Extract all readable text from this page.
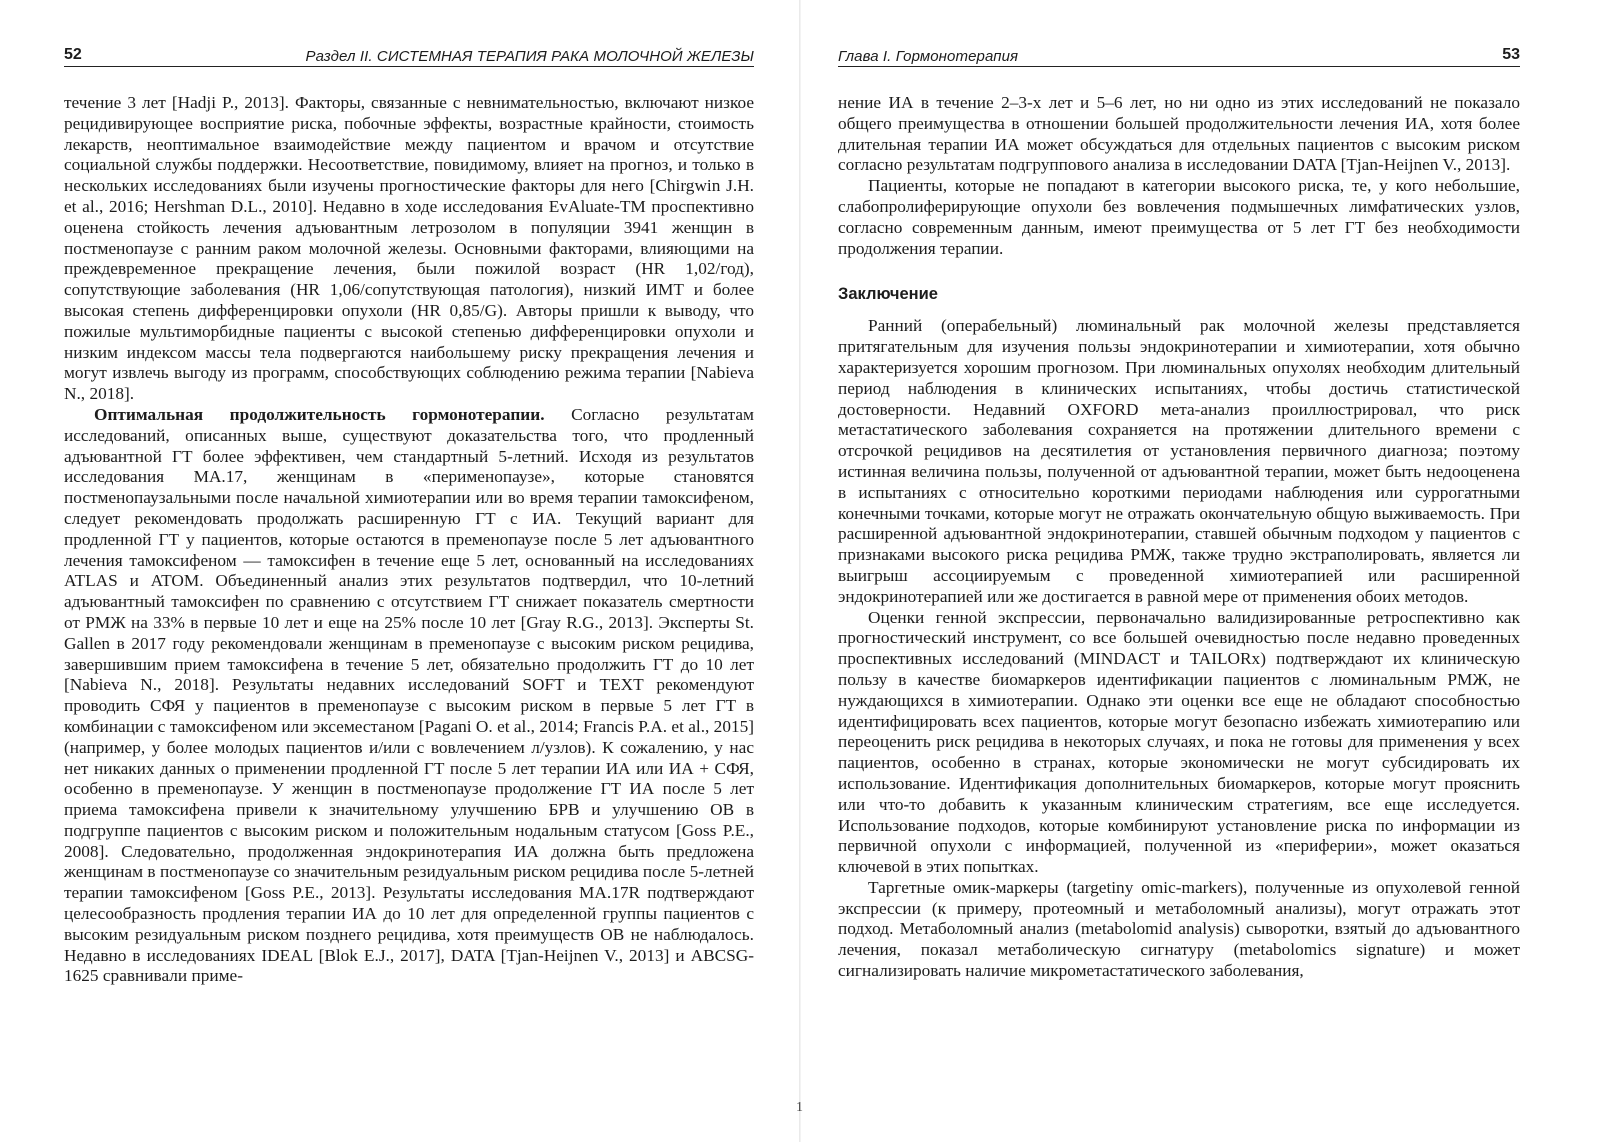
52	Раздел II. СИСТЕМНАЯ ТЕРАПИЯ РАКА МОЛОЧНОЙ ЖЕЛЕЗЫ

течение 3 лет [Hadji P., 2013]. Факторы, связанные с невнимательностью, включают низкое рецидивирующее восприятие риска, побочные эффекты, возрастные крайности, стоимость лекарств, неоптимальное взаимодействие между пациентом и врачом и отсутствие социальной службы поддержки. Несоответствие, повидимому, влияет на прогноз, и только в нескольких исследованиях были изучены прогностические факторы для него [Chirgwin J.H. et al., 2016; Hershman D.L., 2010]. Недавно в ходе исследования EvAluate-TM проспективно оценена стойкость лечения адъювантным летрозолом в популяции 3941 женщин в постменопаузе с ранним раком молочной железы. Основными факторами, влияющими на преждевременное прекращение лечения, были пожилой возраст (HR 1,02/год), сопутствующие заболевания (HR 1,06/сопутствующая патология), низкий ИМТ и более высокая степень дифференцировки опухоли (HR 0,85/G). Авторы пришли к выводу, что пожилые мультиморбидные пациенты с высокой степенью дифференцировки опухоли и низким индексом массы тела подвергаются наибольшему риску прекращения лечения и могут извлечь выгоду из программ, способствующих соблюдению режима терапии [Nabieva N., 2018].

Оптимальная продолжительность гормонотерапии. Согласно результатам исследований, описанных выше, существуют доказательства того, что продленный адъювантной ГТ более эффективен, чем стандартный 5-летний. Исходя из результатов исследования MA.17, женщинам в «перименопаузе», которые становятся постменопаузальными после начальной химиотерапии или во время терапии тамоксифеном, следует рекомендовать продолжать расширенную ГТ с ИА. Текущий вариант для продленной ГТ у пациентов, которые остаются в пременопаузе после 5 лет адъювантного лечения тамоксифеном — тамоксифен в течение еще 5 лет, основанный на исследованиях ATLAS и ATOM. Объединенный анализ этих результатов подтвердил, что 10-летний адъювантный тамоксифен по сравнению с отсутствием ГТ снижает показатель смертности от РМЖ на 33% в первые 10 лет и еще на 25% после 10 лет [Gray R.G., 2013]. Эксперты St. Gallen в 2017 году рекомендовали женщинам в пременопаузе с высоким риском рецидива, завершившим прием тамоксифена в течение 5 лет, обязательно продолжить ГТ до 10 лет [Nabieva N., 2018]. Результаты недавних исследований SOFT и TEXT рекомендуют проводить СФЯ у пациентов в пременопаузе с высоким риском в первые 5 лет ГТ в комбинации с тамоксифеном или эксеместаном [Pagani O. et al., 2014; Francis P.A. et al., 2015] (например, у более молодых пациентов и/или с вовлечением л/узлов). К сожалению, у нас нет никаких данных о применении продленной ГТ после 5 лет терапии ИА или ИА + СФЯ, особенно в пременопаузе. У женщин в постменопаузе продолжение ГТ ИА после 5 лет приема тамоксифена привели к значительному улучшению БРВ и улучшению ОВ в подгруппе пациентов с высоким риском и положительным нодальным статусом [Goss P.E., 2008]. Следовательно, продолженная эндокринотерапия ИА должна быть предложена женщинам в постменопаузе со значительным резидуальным риском рецидива после 5-летней терапии тамоксифеном [Goss P.E., 2013]. Результаты исследования MA.17R подтверждают целесообразность продления терапии ИА до 10 лет для определенной группы пациентов с высоким резидуальным риском позднего рецидива, хотя преимуществ ОВ не наблюдалось. Недавно в исследованиях IDEAL [Blok E.J., 2017], DATA [Tjan-Heijnen V., 2013] и ABCSG-1625 сравнивали приме-

Глава I. Гормонотерапия	53

нение ИА в течение 2–3-х лет и 5–6 лет, но ни одно из этих исследований не показало общего преимущества в отношении большей продолжительности лечения ИА, хотя более длительная терапии ИА может обсуждаться для отдельных пациентов с высоким риском согласно результатам подгруппового анализа в исследовании DATA [Tjan-Heijnen V., 2013].

Пациенты, которые не попадают в категории высокого риска, те, у кого небольшие, слабопролиферирующие опухоли без вовлечения подмышечных лимфатических узлов, согласно современным данным, имеют преимущества от 5 лет ГТ без необходимости продолжения терапии.

Заключение

Ранний (операбельный) люминальный рак молочной железы представляется притягательным для изучения пользы эндокринотерапии и химиотерапии, хотя обычно характеризуется хорошим прогнозом. При люминальных опухолях необходим длительный период наблюдения в клинических испытаниях, чтобы достичь статистической достоверности. Недавний OXFORD мета-анализ проиллюстрировал, что риск метастатического заболевания сохраняется на протяжении длительного времени с отсрочкой рецидивов на десятилетия от установления первичного диагноза; поэтому истинная величина пользы, полученной от адъювантной терапии, может быть недооценена в испытаниях с относительно короткими периодами наблюдения или суррогатными конечными точками, которые могут не отражать окончательную общую выживаемость. При расширенной адъювантной эндокринотерапии, ставшей обычным подходом у пациентов с признаками высокого риска рецидива РМЖ, также трудно экстраполировать, является ли выигрыш ассоциируемым с проведенной химиотерапией или расширенной эндокринотерапией или же достигается в равной мере от применения обоих методов.

Оценки генной экспрессии, первоначально валидизированные ретроспективно как прогностический инструмент, со все большей очевидностью после недавно проведенных проспективных исследований (MINDACT и TAILORx) подтверждают их клиническую пользу в качестве биомаркеров идентификации пациентов с люминальным РМЖ, не нуждающихся в химиотерапии. Однако эти оценки все еще не обладают способностью идентифицировать всех пациентов, которые могут безопасно избежать химиотерапию или переоценить риск рецидива в некоторых случаях, и пока не готовы для применения у всех пациентов, особенно в странах, которые экономически не могут субсидировать их использование. Идентификация дополнительных биомаркеров, которые могут прояснить или что-то добавить к указанным клиническим стратегиям, все еще исследуется. Использование подходов, которые комбинируют установление риска по информации из первичной опухоли с информацией, полученной из «периферии», может оказаться ключевой в этих попытках.

Таргетные омик-маркеры (targetiny omic-markers), полученные из опухолевой генной экспрессии (к примеру, протеомный и метаболомный анализы), могут отражать этот подход. Метаболомный анализ (metabolomid analysis) сыворотки, взятый до адъювантного лечения, показал метаболическую сигнатуру (metabolomics signature) и может сигнализировать наличие микрометастатического заболевания,

1
